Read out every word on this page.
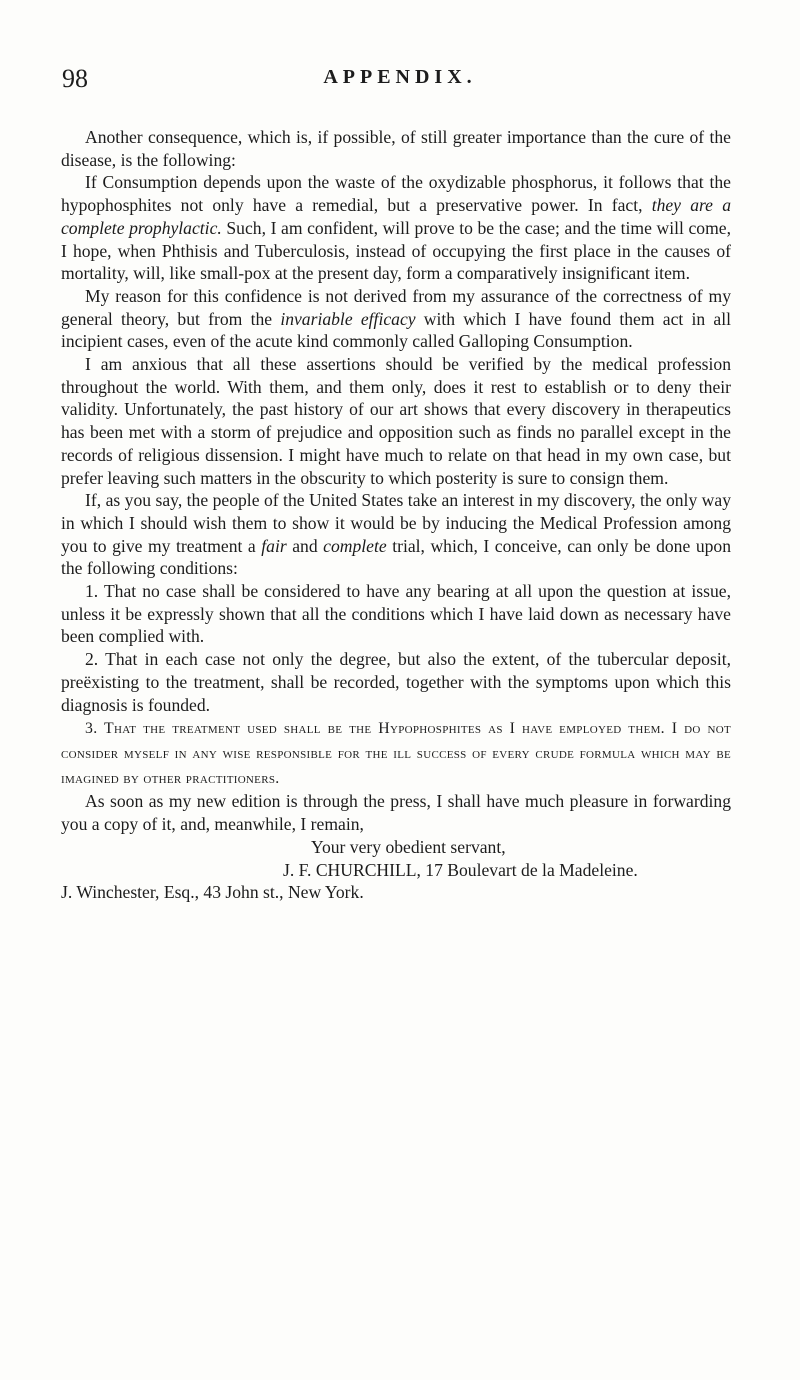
98	APPENDIX.

Another consequence, which is, if possible, of still greater importance than the cure of the disease, is the following:

If Consumption depends upon the waste of the oxydizable phosphorus, it follows that the hypophosphites not only have a remedial, but a preservative power. In fact, they are a complete prophylactic. Such, I am confident, will prove to be the case; and the time will come, I hope, when Phthisis and Tuberculosis, instead of occupying the first place in the causes of mortality, will, like small-pox at the present day, form a comparatively insignificant item.

My reason for this confidence is not derived from my assurance of the correctness of my general theory, but from the invariable efficacy with which I have found them act in all incipient cases, even of the acute kind commonly called Galloping Consumption.

I am anxious that all these assertions should be verified by the medical profession throughout the world. With them, and them only, does it rest to establish or to deny their validity. Unfortunately, the past history of our art shows that every discovery in therapeutics has been met with a storm of prejudice and opposition such as finds no parallel except in the records of religious dissension. I might have much to relate on that head in my own case, but prefer leaving such matters in the obscurity to which posterity is sure to consign them.

If, as you say, the people of the United States take an interest in my discovery, the only way in which I should wish them to show it would be by inducing the Medical Profession among you to give my treatment a fair and complete trial, which, I conceive, can only be done upon the following conditions:

1. That no case shall be considered to have any bearing at all upon the question at issue, unless it be expressly shown that all the conditions which I have laid down as necessary have been complied with.

2. That in each case not only the degree, but also the extent, of the tubercular deposit, preëxisting to the treatment, shall be recorded, together with the symptoms upon which this diagnosis is founded.

3. That the treatment used shall be the Hypophosphites as I have employed them. I do not consider myself in any wise responsible for the ill success of every crude formula which may be imagined by other practitioners.

As soon as my new edition is through the press, I shall have much pleasure in forwarding you a copy of it, and, meanwhile, I remain,

Your very obedient servant,

J. F. CHURCHILL, 17 Boulevart de la Madeleine.

J. Winchester, Esq., 43 John st., New York.
